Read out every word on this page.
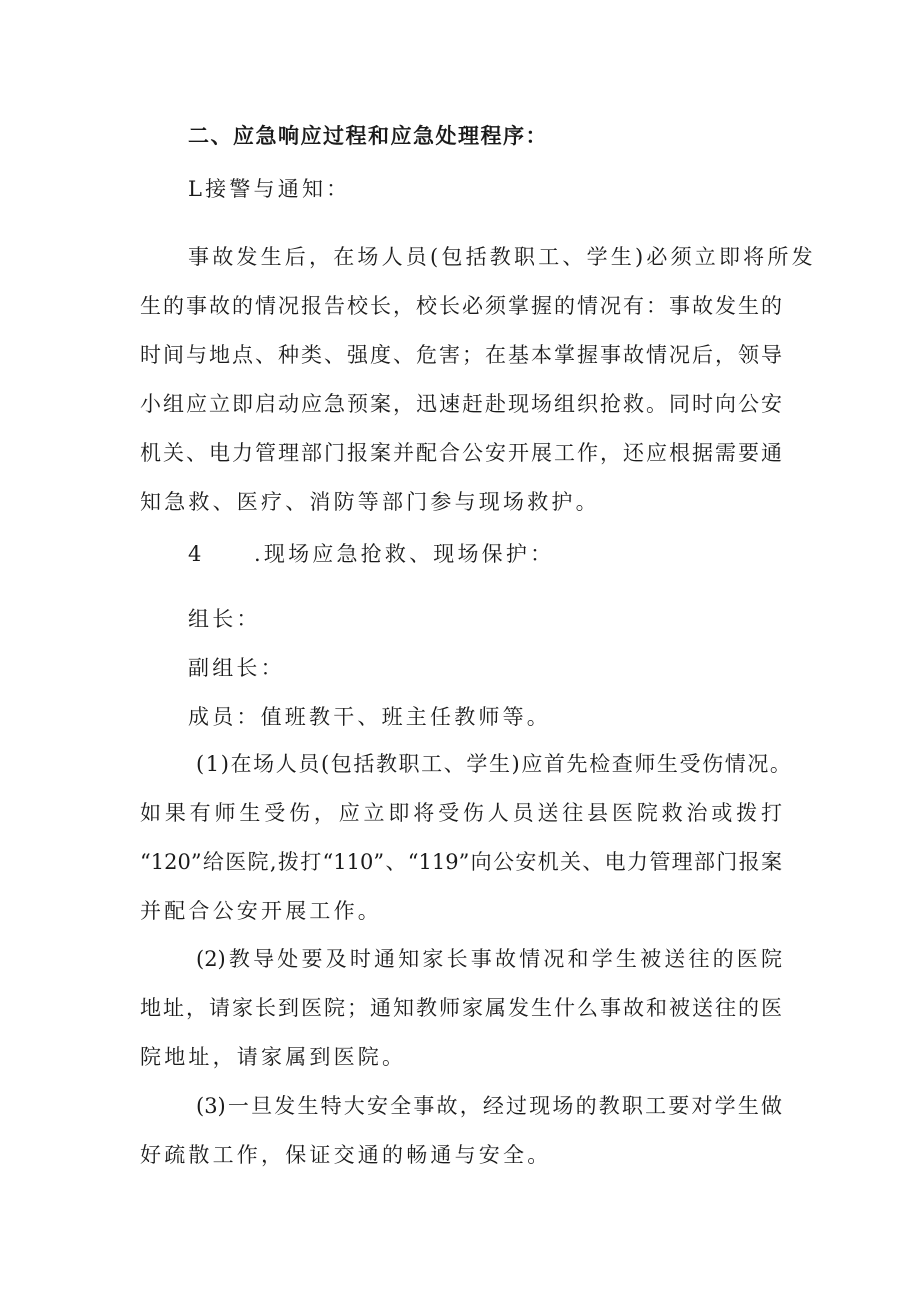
二、应急响应过程和应急处理程序：
L接警与通知：
事故发生后，在场人员(包括教职工、学生)必须立即将所发
生的事故的情况报告校长，校长必须掌握的情况有：事故发生的
时间与地点、种类、强度、危害；在基本掌握事故情况后，领导
小组应立即启动应急预案，迅速赶赴现场组织抢救。同时向公安
机关、电力管理部门报案并配合公安开展工作，还应根据需要通
知急救、医疗、消防等部门参与现场救护。
4 .现场应急抢救、现场保护：
组长：
副组长：
成员：值班教干、班主任教师等。
(1)在场人员(包括教职工、学生)应首先检查师生受伤情况。
如果有师生受伤，应立即将受伤人员送往县医院救治或拨打
“120”给医院,拨打“110”、“119”向公安机关、电力管理部门报案
并配合公安开展工作。
(2)教导处要及时通知家长事故情况和学生被送往的医院
地址，请家长到医院；通知教师家属发生什么事故和被送往的医
院地址，请家属到医院。
(3)一旦发生特大安全事故，经过现场的教职工要对学生做
好疏散工作，保证交通的畅通与安全。
